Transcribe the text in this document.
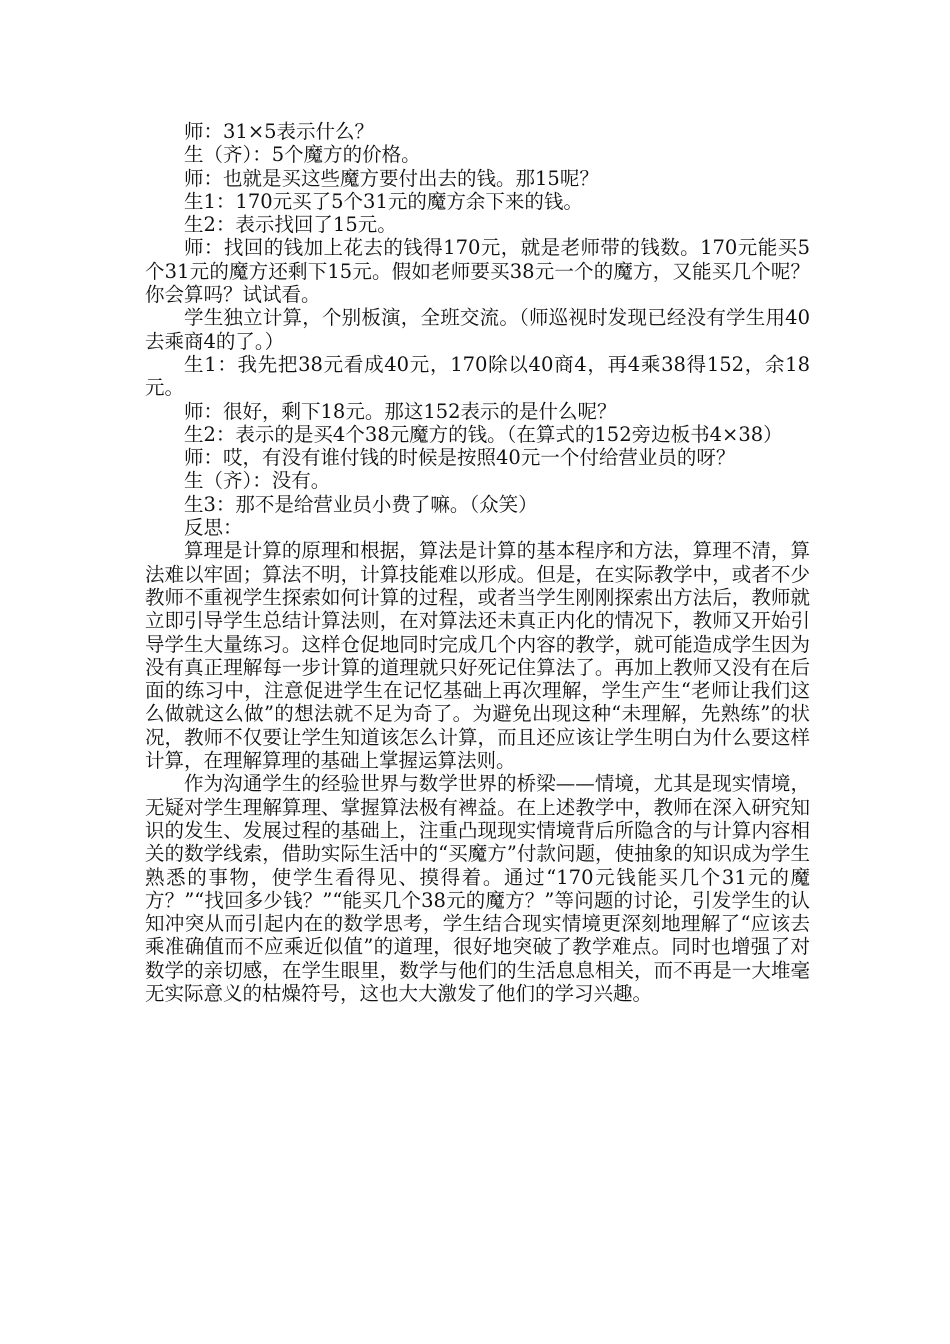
师：31×5表示什么？

生（齐）：5个魔方的价格。

师：也就是买这些魔方要付出去的钱。那15呢？

生1：170元买了5个31元的魔方余下来的钱。

生2：表示找回了15元。

师：找回的钱加上花去的钱得170元，就是老师带的钱数。170元能买5个31元的魔方还剩下15元。假如老师要买38元一个的魔方，又能买几个呢？你会算吗？试试看。

学生独立计算，个别板演，全班交流。（师巡视时发现已经没有学生用40去乘商4的了。）

生1：我先把38元看成40元，170除以40商4，再4乘38得152，余18元。

师：很好，剩下18元。那这152表示的是什么呢？

生2：表示的是买4个38元魔方的钱。（在算式的152旁边板书4×38）

师：哎，有没有谁付钱的时候是按照40元一个付给营业员的呀？

生（齐）：没有。

生3：那不是给营业员小费了嘛。（众笑）

反思：

算理是计算的原理和根据，算法是计算的基本程序和方法，算理不清，算法难以牢固；算法不明，计算技能难以形成。但是，在实际教学中，或者不少教师不重视学生探索如何计算的过程，或者当学生刚刚探索出方法后，教师就立即引导学生总结计算法则，在对算法还未真正内化的情况下，教师又开始引导学生大量练习。这样仓促地同时完成几个内容的教学，就可能造成学生因为没有真正理解每一步计算的道理就只好死记住算法了。再加上教师又没有在后面的练习中，注意促进学生在记忆基础上再次理解，学生产生“老师让我们这么做就这么做”的想法就不足为奇了。为避免出现这种“未理解，先熟练”的状况，教师不仅要让学生知道该怎么计算，而且还应该让学生明白为什么要这样计算，在理解算理的基础上掌握运算法则。

作为沟通学生的经验世界与数学世界的桥梁——情境，尤其是现实情境，无疑对学生理解算理、掌握算法极有裨益。在上述教学中，教师在深入研究知识的发生、发展过程的基础上，注重凸现现实情境背后所隐含的与计算内容相关的数学线索，借助实际生活中的“买魔方”付款问题，使抽象的知识成为学生熟悉的事物，使学生看得见、摸得着。通过“170元钱能买几个31元的魔方？”“找回多少钱？”“能买几个38元的魔方？”等问题的讨论，引发学生的认知冲突从而引起内在的数学思考，学生结合现实情境更深刻地理解了“应该去乘准确值而不应乘近似值”的道理，很好地突破了教学难点。同时也增强了对数学的亲切感，在学生眼里，数学与他们的生活息息相关，而不再是一大堆毫无实际意义的枯燥符号，这也大大激发了他们的学习兴趣。
